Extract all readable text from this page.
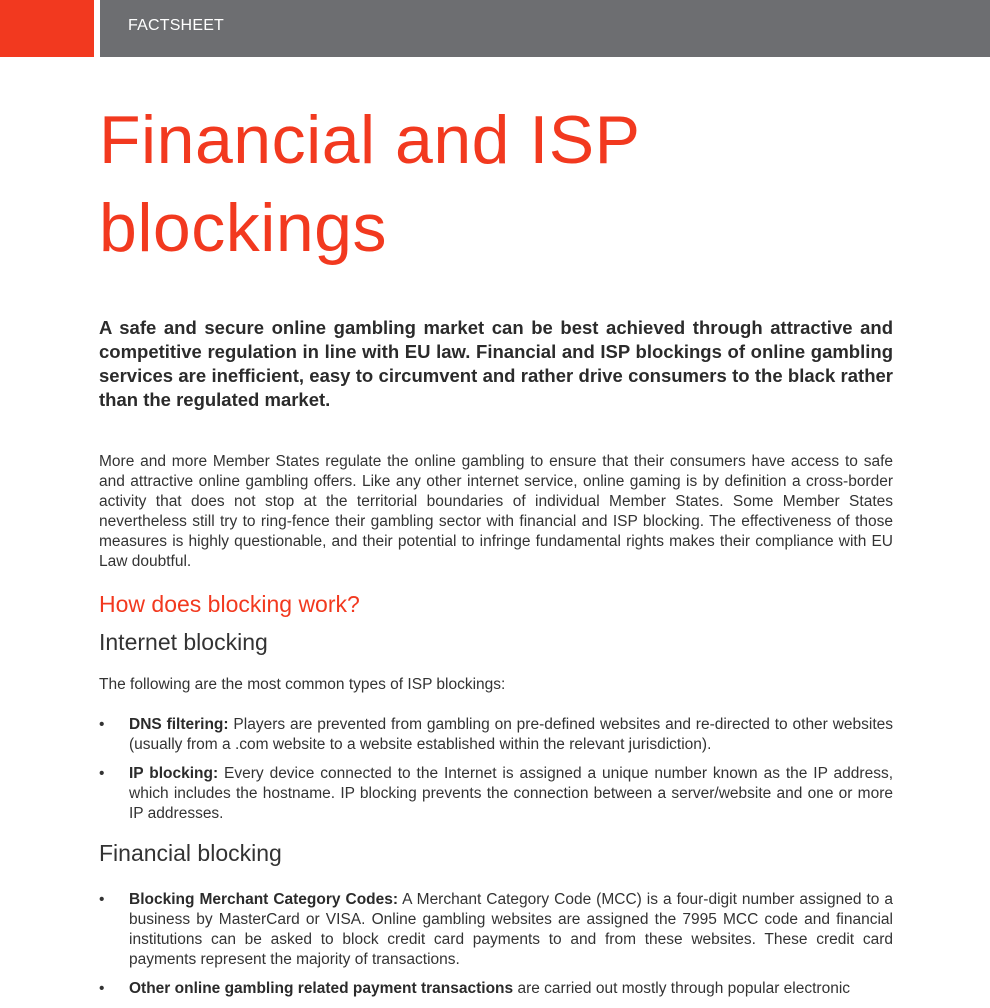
FACTSHEET
Financial and ISP blockings

A safe and secure online gambling market can be best achieved through attractive and competitive regulation in line with EU law. Financial and ISP blockings of online gambling services are inefficient, easy to circumvent and rather drive consumers to the black rather than the regulated market.

More and more Member States regulate the online gambling to ensure that their consumers have access to safe and attractive online gambling offers. Like any other internet service, online gaming is by definition a cross-border activity that does not stop at the territorial boundaries of individual Member States. Some Member States nevertheless still try to ring-fence their gambling sector with financial and ISP blocking. The effectiveness of those measures is highly questionable, and their potential to infringe fundamental rights makes their compliance with EU Law doubtful.

How does blocking work?
Internet blocking

The following are the most common types of ISP blockings:

• DNS filtering: Players are prevented from gambling on pre-defined websites and re-directed to other websites (usually from a .com website to a website established within the relevant jurisdiction).
• IP blocking: Every device connected to the Internet is assigned a unique number known as the IP address, which includes the hostname. IP blocking prevents the connection between a server/website and one or more IP addresses.
Financial blocking
• Blocking Merchant Category Codes: A Merchant Category Code (MCC) is a four-digit number assigned to a business by MasterCard or VISA. Online gambling websites are assigned the 7995 MCC code and financial institutions can be asked to block credit card payments to and from these websites. These credit card payments represent the majority of transactions.
• Other online gambling related payment transactions are carried out mostly through popular electronic
